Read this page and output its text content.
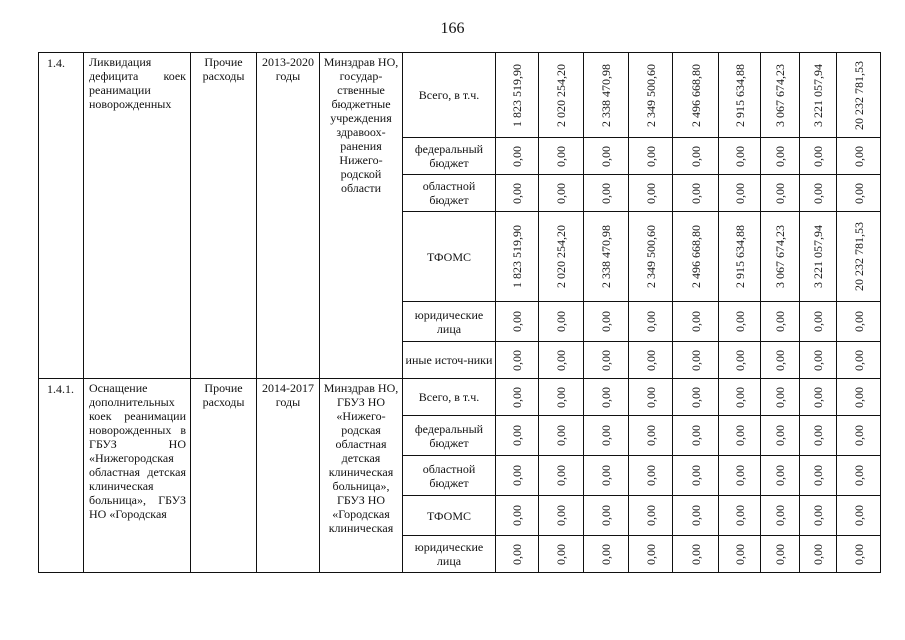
166
1.4.	Ликвидация дефицита коек реанимации новорожденных	Прочие расходы	2013-2020 годы	Минздрав НО, государ-ственные бюджетные учреждения здравоох-ранения Нижего-родской области	Всего, в т.ч.	1 823 519,90	2 020 254,20	2 338 470,98	2 349 500,60	2 496 668,80	2 915 634,88	3 067 674,23	3 221 057,94	20 232 781,53

					федеральный бюджет	0,00	0,00	0,00	0,00	0,00	0,00	0,00	0,00	0,00

					областной бюджет	0,00	0,00	0,00	0,00	0,00	0,00	0,00	0,00	0,00

					ТФОМС	1 823 519,90	2 020 254,20	2 338 470,98	2 349 500,60	2 496 668,80	2 915 634,88	3 067 674,23	3 221 057,94	20 232 781,53

					юридические лица	0,00	0,00	0,00	0,00	0,00	0,00	0,00	0,00	0,00

					иные источ-ники	0,00	0,00	0,00	0,00	0,00	0,00	0,00	0,00	0,00

1.4.1.	Оснащение дополнительных коек реанимации новорожденных в ГБУЗ НО «Нижегородская областная детская клиническая больница», ГБУЗ НО «Городская	Прочие расходы	2014-2017 годы	Минздрав НО, ГБУЗ НО «Нижего-родская областная детская клиническая больница», ГБУЗ НО «Городская клиническая	Всего, в т.ч.	0,00	0,00	0,00	0,00	0,00	0,00	0,00	0,00	0,00

					федеральный бюджет	0,00	0,00	0,00	0,00	0,00	0,00	0,00	0,00	0,00

					областной бюджет	0,00	0,00	0,00	0,00	0,00	0,00	0,00	0,00	0,00

					ТФОМС	0,00	0,00	0,00	0,00	0,00	0,00	0,00	0,00	0,00

					юридические лица	0,00	0,00	0,00	0,00	0,00	0,00	0,00	0,00	0,00
